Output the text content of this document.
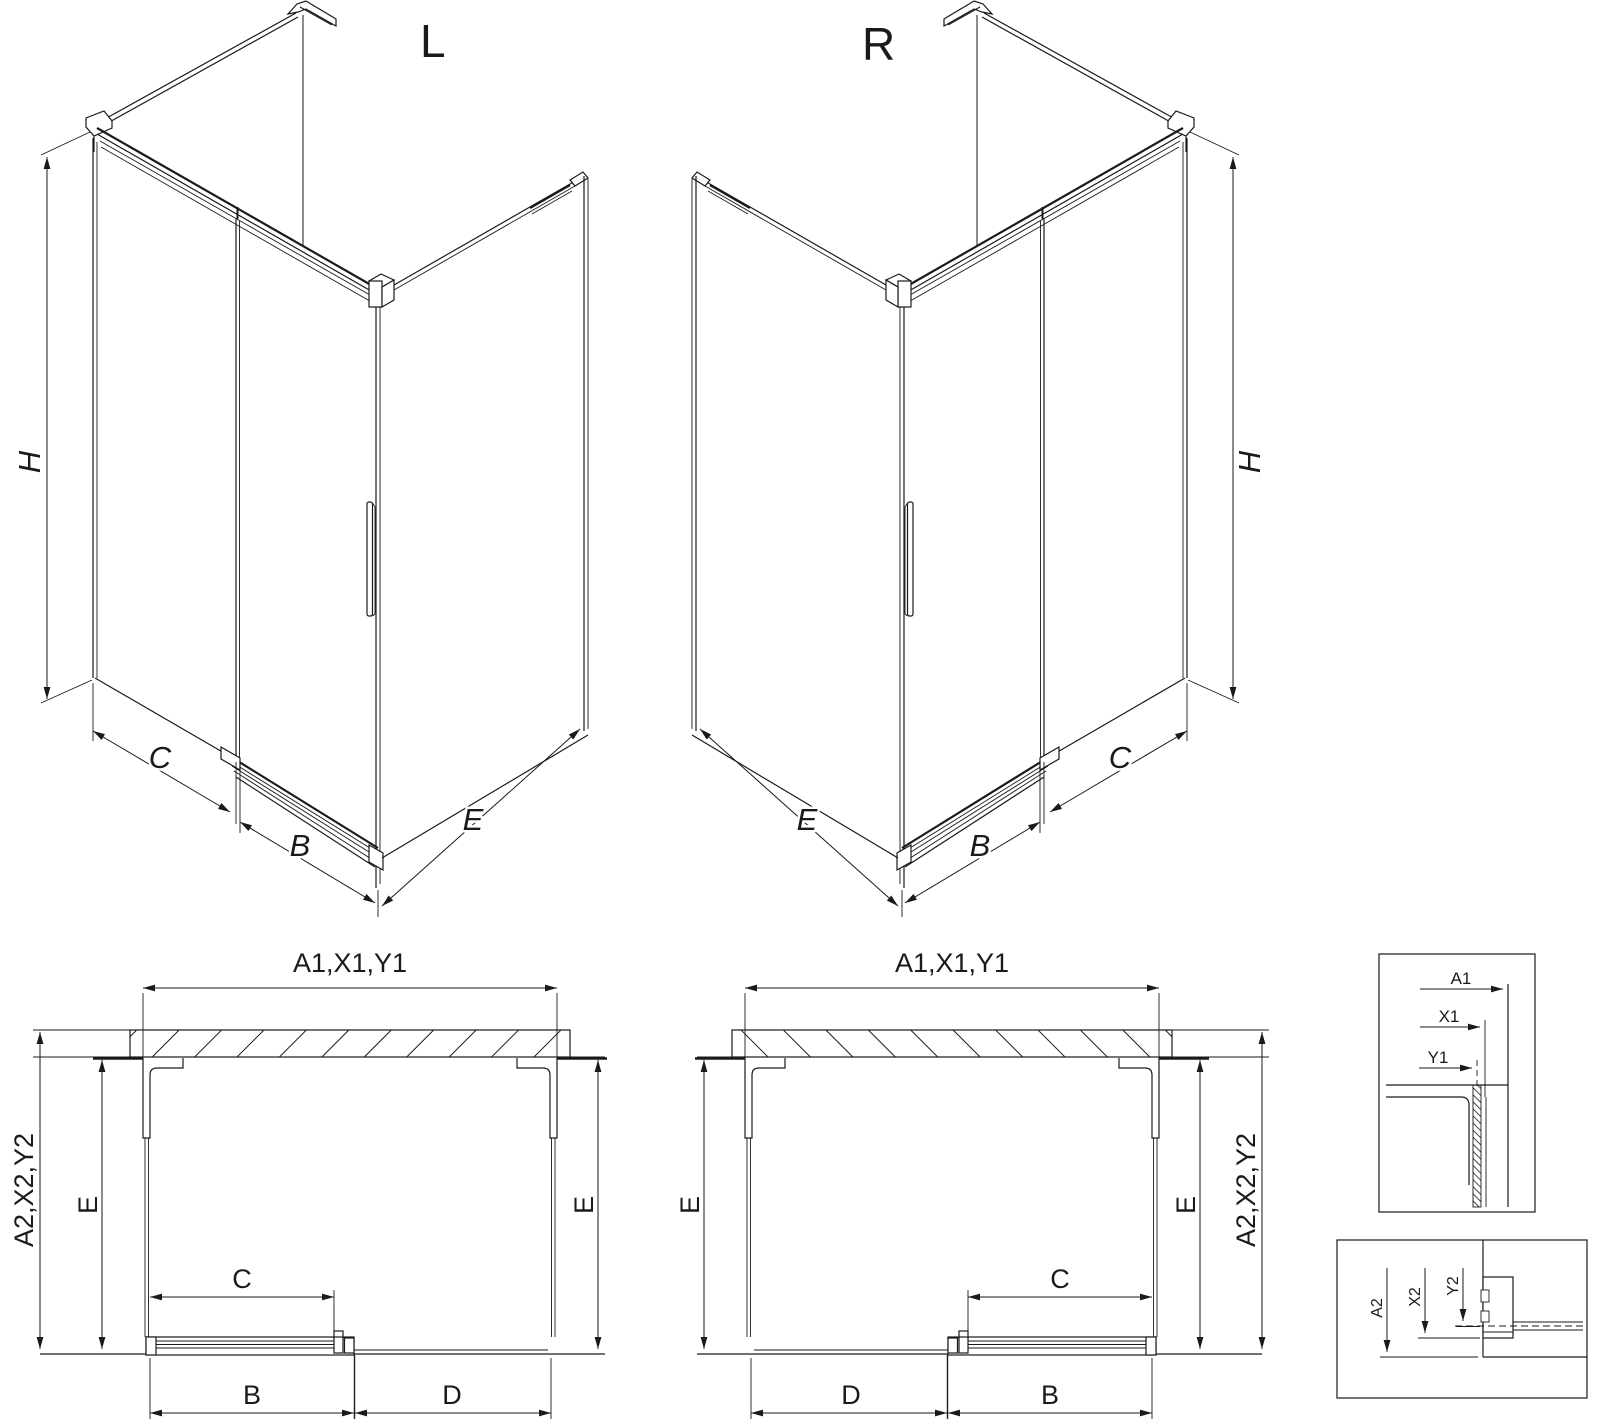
L
H
C
B
E
R
H
C
B
E
A1,X1,Y1
A2,X2,Y2 E	E
C
B	D
A1,X1,Y1
A2,X2,Y2
E	E
C
B
D
A1
X1
Y1
A2
X2
Y2
